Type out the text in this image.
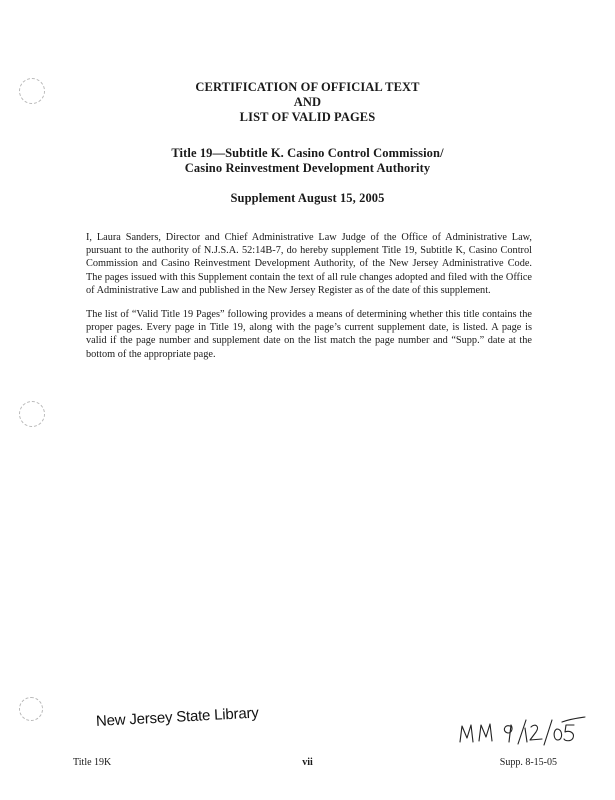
CERTIFICATION OF OFFICIAL TEXT
AND
LIST OF VALID PAGES
Title 19—Subtitle K. Casino Control Commission/
Casino Reinvestment Development Authority
Supplement August 15, 2005

I, Laura Sanders, Director and Chief Administrative Law Judge of the Office of Administrative Law, pursuant to the authority of N.J.S.A. 52:14B-7, do hereby supplement Title 19, Subtitle K, Casino Control Commission and Casino Reinvestment Development Authority, of the New Jersey Administrative Code. The pages issued with this Supplement contain the text of all rule changes adopted and filed with the Office of Administrative Law and published in the New Jersey Register as of the date of this supplement.

The list of “Valid Title 19 Pages” following provides a means of determining whether this title contains the proper pages. Every page in Title 19, along with the page’s current supplement date, is listed. A page is valid if the page number and supplement date on the list match the page number and “Supp.” date at the bottom of the appropriate page.

New Jersey State Library
Title 19K	vii	Supp. 8-15-05
